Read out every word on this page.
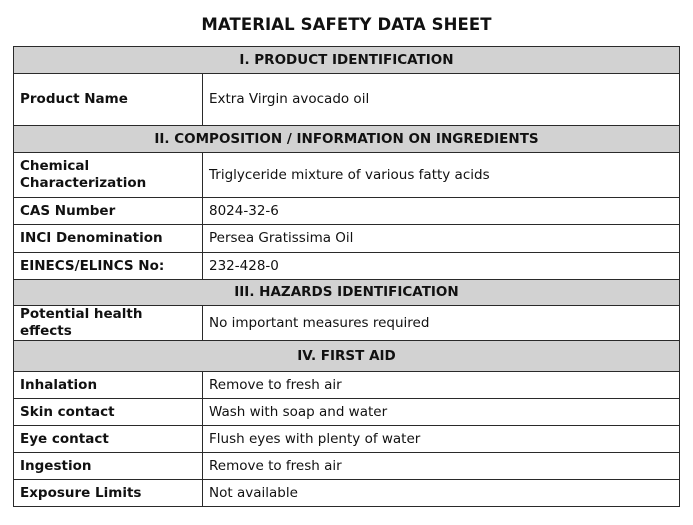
MATERIAL SAFETY DATA SHEET
I. PRODUCT IDENTIFICATION	
Product Name	Extra Virgin avocado oil
II. COMPOSITION / INFORMATION ON INGREDIENTS	
Chemical Characterization	Triglyceride mixture of various fatty acids
CAS Number	8024-32-6
INCI Denomination	Persea Gratissima Oil
EINECS/ELINCS No:	232-428-0
III. HAZARDS IDENTIFICATION	
Potential health effects	No important measures required
IV. FIRST AID	
Inhalation	Remove to fresh air
Skin contact	Wash with soap and water
Eye contact	Flush eyes with plenty of water
Ingestion	Remove to fresh air
Exposure Limits	Not available
